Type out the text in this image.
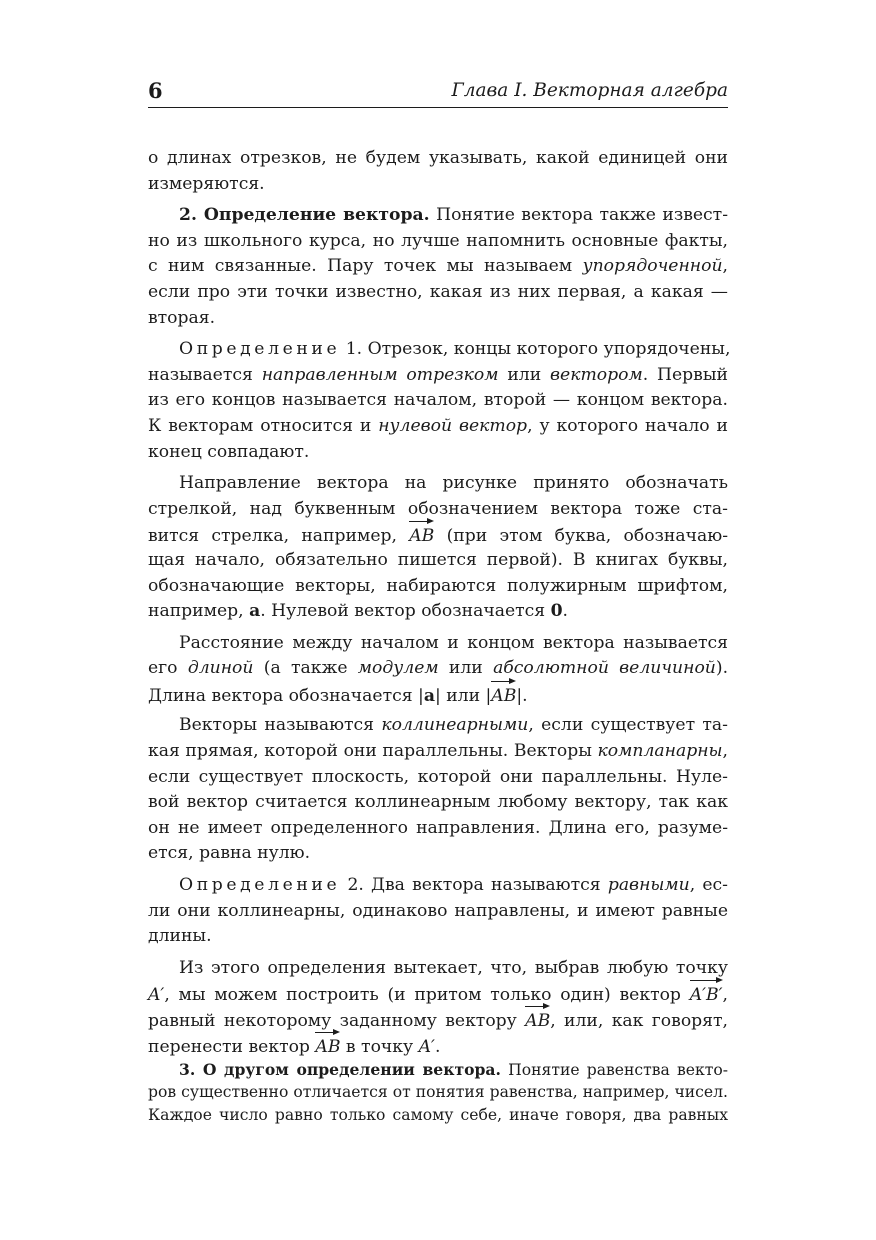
6	Глава I. Векторная алгебра
о длинах отрезков, не будем указывать, какой единицей они
измеряются.
2. Определение вектора. Понятие вектора также извест-
но из школьного курса, но лучше напомнить основные факты,
с ним связанные. Пару точек мы называем упорядоченной,
если про эти точки известно, какая из них первая, а какая —
вторая.
Определение 1. Отрезок, концы которого упорядочены,
называется направленным отрезком или вектором. Первый
из его концов называется началом, второй — концом вектора.
К векторам относится и нулевой вектор, у которого начало и
конец совпадают.
Направление вектора на рисунке принято обозначать
стрелкой, над буквенным обозначением вектора тоже ста-
вится стрелка, например, AB (при этом буква, обозначаю-
щая начало, обязательно пишется первой). В книгах буквы,
обозначающие векторы, набираются полужирным шрифтом,
например, a. Нулевой вектор обозначается 0.
Расстояние между началом и концом вектора называется
его длиной (а также модулем или абсолютной величиной).
Длина вектора обозначается |a| или |AB|.
Векторы называются коллинеарными, если существует та-
кая прямая, которой они параллельны. Векторы компланарны,
если существует плоскость, которой они параллельны. Нуле-
вой вектор считается коллинеарным любому вектору, так как
он не имеет определенного направления. Длина его, разуме-
ется, равна нулю.
Определение 2. Два вектора называются равными, ес-
ли они коллинеарны, одинаково направлены, и имеют равные
длины.
Из этого определения вытекает, что, выбрав любую точку
A′, мы можем построить (и притом только один) вектор A′B′,
равный некоторому заданному вектору AB, или, как говорят,
перенести вектор AB в точку A′.
3. О другом определении вектора. Понятие равенства векто-
ров существенно отличается от понятия равенства, например, чисел.
Каждое число равно только самому себе, иначе говоря, два равных
